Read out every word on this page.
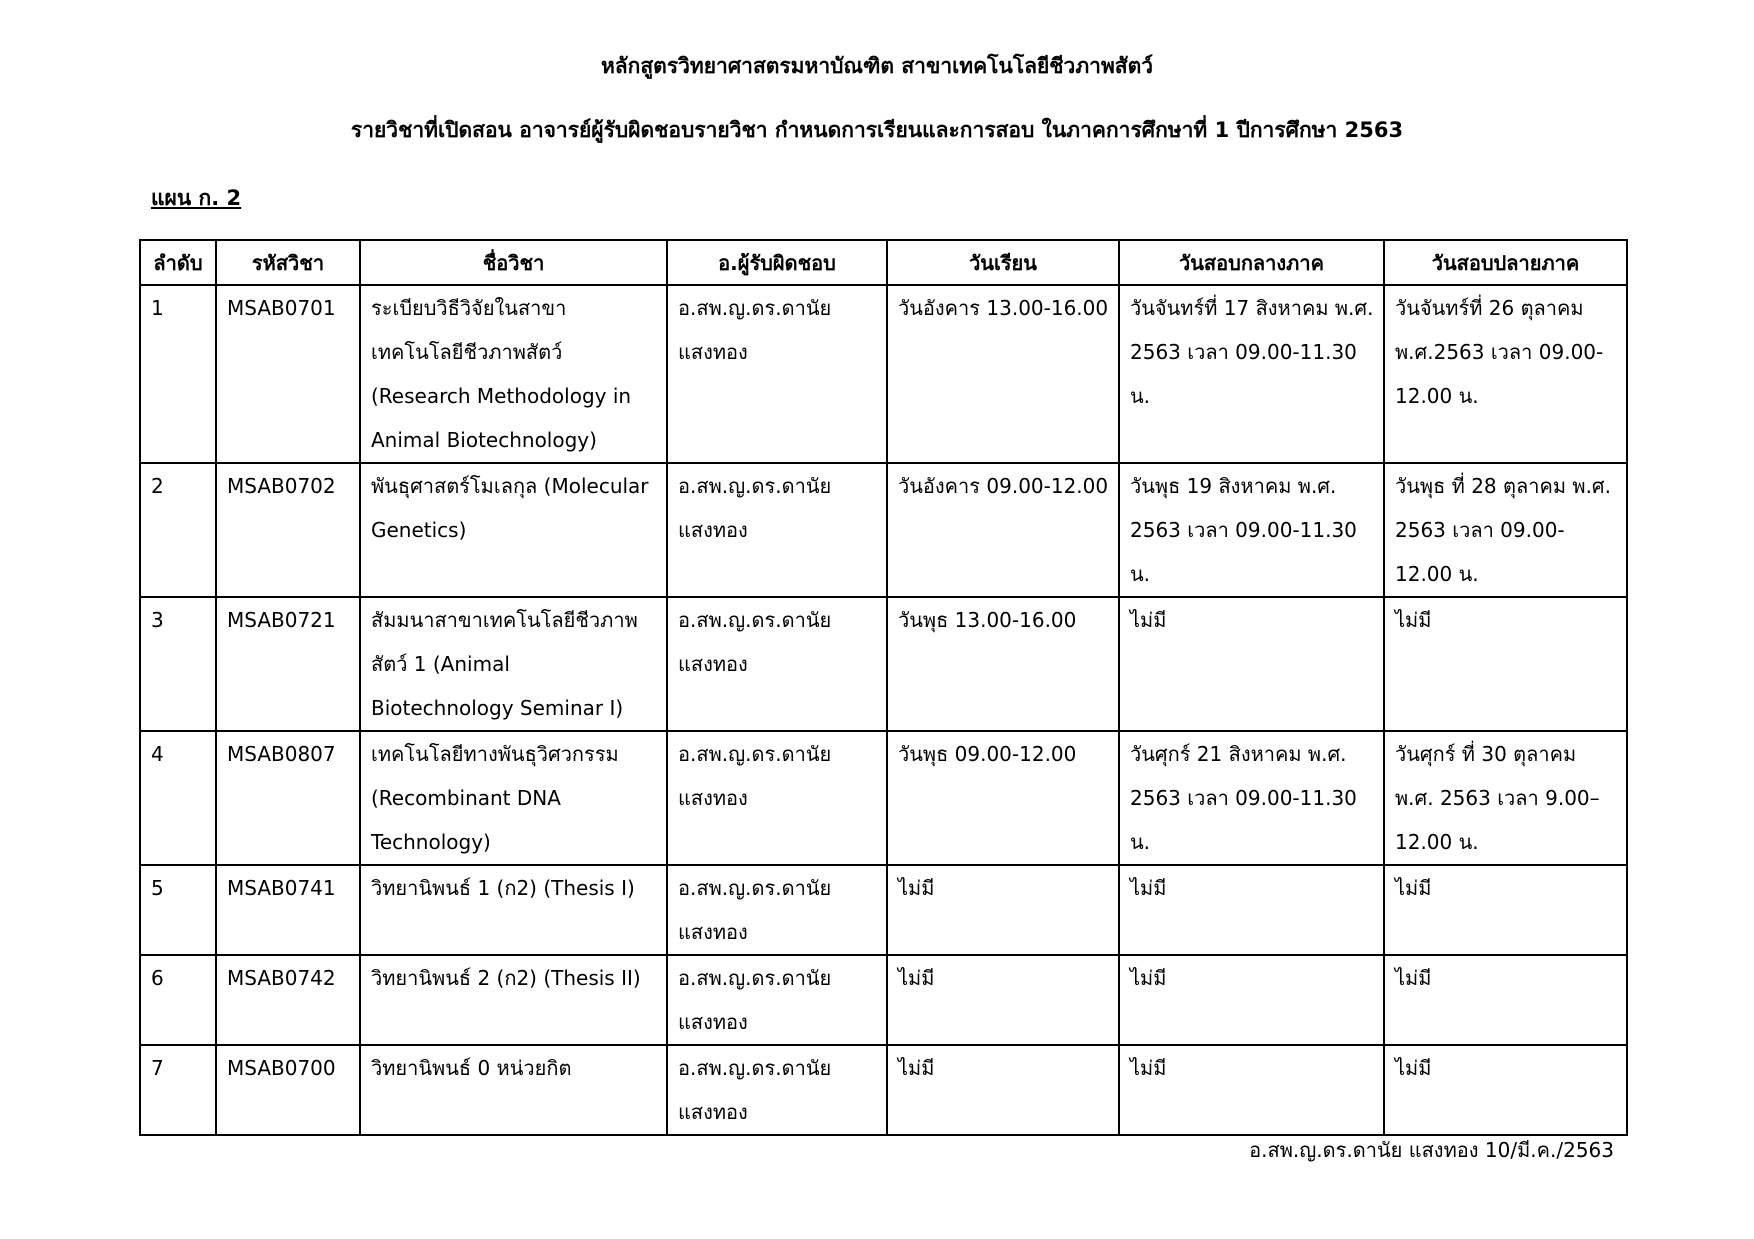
หลักสูตรวิทยาศาสตรมหาบัณฑิต สาขาเทคโนโลยีชีวภาพสัตว์
รายวิชาที่เปิดสอน อาจารย์ผู้รับผิดชอบรายวิชา กำหนดการเรียนและการสอบ ในภาคการศึกษาที่ 1 ปีการศึกษา 2563
แผน ก. 2
ลำดับ	รหัสวิชา	ชื่อวิชา	อ.ผู้รับผิดชอบ	วันเรียน	วันสอบกลางภาค	วันสอบปลายภาค
1	MSAB0701	ระเบียบวิธีวิจัยในสาขาเทคโนโลยีชีวภาพสัตว์ (Research Methodology in Animal Biotechnology)	อ.สพ.ญ.ดร.ดานัย แสงทอง	วันอังคาร 13.00-16.00	วันจันทร์ที่ 17 สิงหาคม พ.ศ. 2563 เวลา 09.00-11.30 น.	วันจันทร์ที่ 26 ตุลาคม พ.ศ.2563 เวลา 09.00-12.00 น.
2	MSAB0702	พันธุศาสตร์โมเลกุล (Molecular Genetics)	อ.สพ.ญ.ดร.ดานัย แสงทอง	วันอังคาร 09.00-12.00	วันพุธ 19 สิงหาคม พ.ศ. 2563 เวลา 09.00-11.30 น.	วันพุธ ที่ 28 ตุลาคม พ.ศ. 2563 เวลา 09.00-12.00 น.
3	MSAB0721	สัมมนาสาขาเทคโนโลยีชีวภาพสัตว์ 1 (Animal Biotechnology Seminar I)	อ.สพ.ญ.ดร.ดานัย แสงทอง	วันพุธ 13.00-16.00	ไม่มี	ไม่มี
4	MSAB0807	เทคโนโลยีทางพันธุวิศวกรรม (Recombinant DNA Technology)	อ.สพ.ญ.ดร.ดานัย แสงทอง	วันพุธ 09.00-12.00	วันศุกร์ 21 สิงหาคม พ.ศ. 2563 เวลา 09.00-11.30 น.	วันศุกร์ ที่ 30 ตุลาคม พ.ศ. 2563 เวลา 9.00–12.00 น.
5	MSAB0741	วิทยานิพนธ์ 1 (ก2) (Thesis I)	อ.สพ.ญ.ดร.ดานัย แสงทอง	ไม่มี	ไม่มี	ไม่มี
6	MSAB0742	วิทยานิพนธ์ 2 (ก2) (Thesis II)	อ.สพ.ญ.ดร.ดานัย แสงทอง	ไม่มี	ไม่มี	ไม่มี
7	MSAB0700	วิทยานิพนธ์ 0 หน่วยกิต	อ.สพ.ญ.ดร.ดานัย แสงทอง	ไม่มี	ไม่มี	ไม่มี
อ.สพ.ญ.ดร.ดานัย แสงทอง 10/มี.ค./2563
